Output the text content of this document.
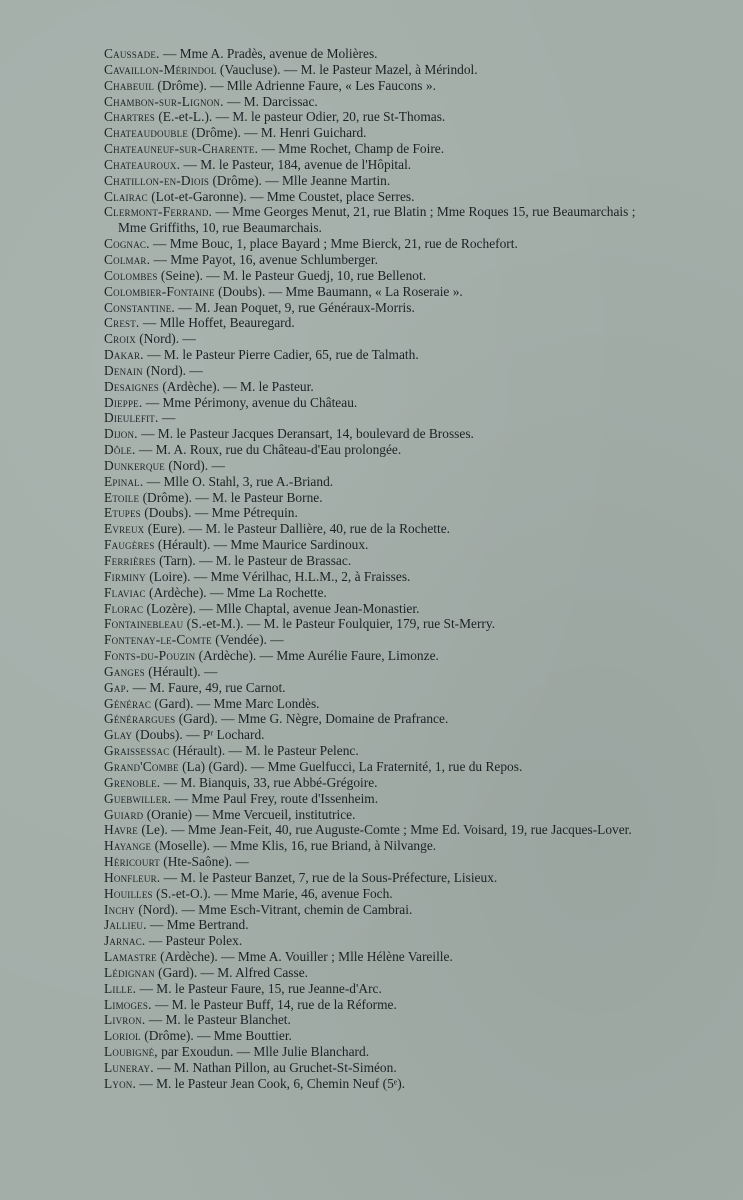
Caussade. — Mme A. Pradès, avenue de Molières.

Cavaillon-Mérindol (Vaucluse). — M. le Pasteur Mazel, à Mérindol.

Chabeuil (Drôme). — Mlle Adrienne Faure, « Les Faucons ».

Chambon-sur-Lignon. — M. Darcissac.

Chartres (E.-et-L.). — M. le pasteur Odier, 20, rue St-Thomas.

Chateaudouble (Drôme). — M. Henri Guichard.

Chateauneuf-sur-Charente. — Mme Rochet, Champ de Foire.

Chateauroux. — M. le Pasteur, 184, avenue de l'Hôpital.

Chatillon-en-Diois (Drôme). — Mlle Jeanne Martin.

Clairac (Lot-et-Garonne). — Mme Coustet, place Serres.

Clermont-Ferrand. — Mme Georges Menut, 21, rue Blatin ; Mme Roques 15, rue Beaumarchais ; Mme Griffiths, 10, rue Beaumarchais.

Cognac. — Mme Bouc, 1, place Bayard ; Mme Bierck, 21, rue de Rochefort.

Colmar. — Mme Payot, 16, avenue Schlumberger.

Colombes (Seine). — M. le Pasteur Guedj, 10, rue Bellenot.

Colombier-Fontaine (Doubs). — Mme Baumann, « La Roseraie ».

Constantine. — M. Jean Poquet, 9, rue Généraux-Morris.

Crest. — Mlle Hoffet, Beauregard.

Croix (Nord). —

Dakar. — M. le Pasteur Pierre Cadier, 65, rue de Talmath.

Denain (Nord). —

Desaignes (Ardèche). — M. le Pasteur.

Dieppe. — Mme Périmony, avenue du Château.

Dieulefit. —

Dijon. — M. le Pasteur Jacques Deransart, 14, boulevard de Brosses.

Dôle. — M. A. Roux, rue du Château-d'Eau prolongée.

Dunkerque (Nord). —

Epinal. — Mlle O. Stahl, 3, rue A.-Briand.

Etoile (Drôme). — M. le Pasteur Borne.

Etupes (Doubs). — Mme Pétrequin.

Evreux (Eure). — M. le Pasteur Dallière, 40, rue de la Rochette.

Faugères (Hérault). — Mme Maurice Sardinoux.

Ferrières (Tarn). — M. le Pasteur de Brassac.

Firminy (Loire). — Mme Vérilhac, H.L.M., 2, à Fraisses.

Flaviac (Ardèche). — Mme La Rochette.

Florac (Lozère). — Mlle Chaptal, avenue Jean-Monastier.

Fontainebleau (S.-et-M.). — M. le Pasteur Foulquier, 179, rue St-Merry.

Fontenay-le-Comte (Vendée). —

Fonts-du-Pouzin (Ardèche). — Mme Aurélie Faure, Limonze.

Ganges (Hérault). —

Gap. — M. Faure, 49, rue Carnot.

Générac (Gard). — Mme Marc Londès.

Générargues (Gard). — Mme G. Nègre, Domaine de Prafrance.

Glay (Doubs). — Pʳ Lochard.

Graissessac (Hérault). — M. le Pasteur Pelenc.

Grand'Combe (La) (Gard). — Mme Guelfucci, La Fraternité, 1, rue du Repos.

Grenoble. — M. Bianquis, 33, rue Abbé-Grégoire.

Guebwiller. — Mme Paul Frey, route d'Issenheim.

Guiard (Oranie) — Mme Vercueil, institutrice.

Havre (Le). — Mme Jean-Feit, 40, rue Auguste-Comte ; Mme Ed. Voisard, 19, rue Jacques-Lover.

Hayange (Moselle). — Mme Klis, 16, rue Briand, à Nilvange.

Héricourt (Hte-Saône). —

Honfleur. — M. le Pasteur Banzet, 7, rue de la Sous-Préfecture, Lisieux.

Houilles (S.-et-O.). — Mme Marie, 46, avenue Foch.

Inchy (Nord). — Mme Esch-Vitrant, chemin de Cambrai.

Jallieu. — Mme Bertrand.

Jarnac. — Pasteur Polex.

Lamastre (Ardèche). — Mme A. Vouiller ; Mlle Hélène Vareille.

Lédignan (Gard). — M. Alfred Casse.

Lille. — M. le Pasteur Faure, 15, rue Jeanne-d'Arc.

Limoges. — M. le Pasteur Buff, 14, rue de la Réforme.

Livron. — M. le Pasteur Blanchet.

Loriol (Drôme). — Mme Bouttier.

Loubigné, par Exoudun. — Mlle Julie Blanchard.

Luneray. — M. Nathan Pillon, au Gruchet-St-Siméon.

Lyon. — M. le Pasteur Jean Cook, 6, Chemin Neuf (5ᵉ).
